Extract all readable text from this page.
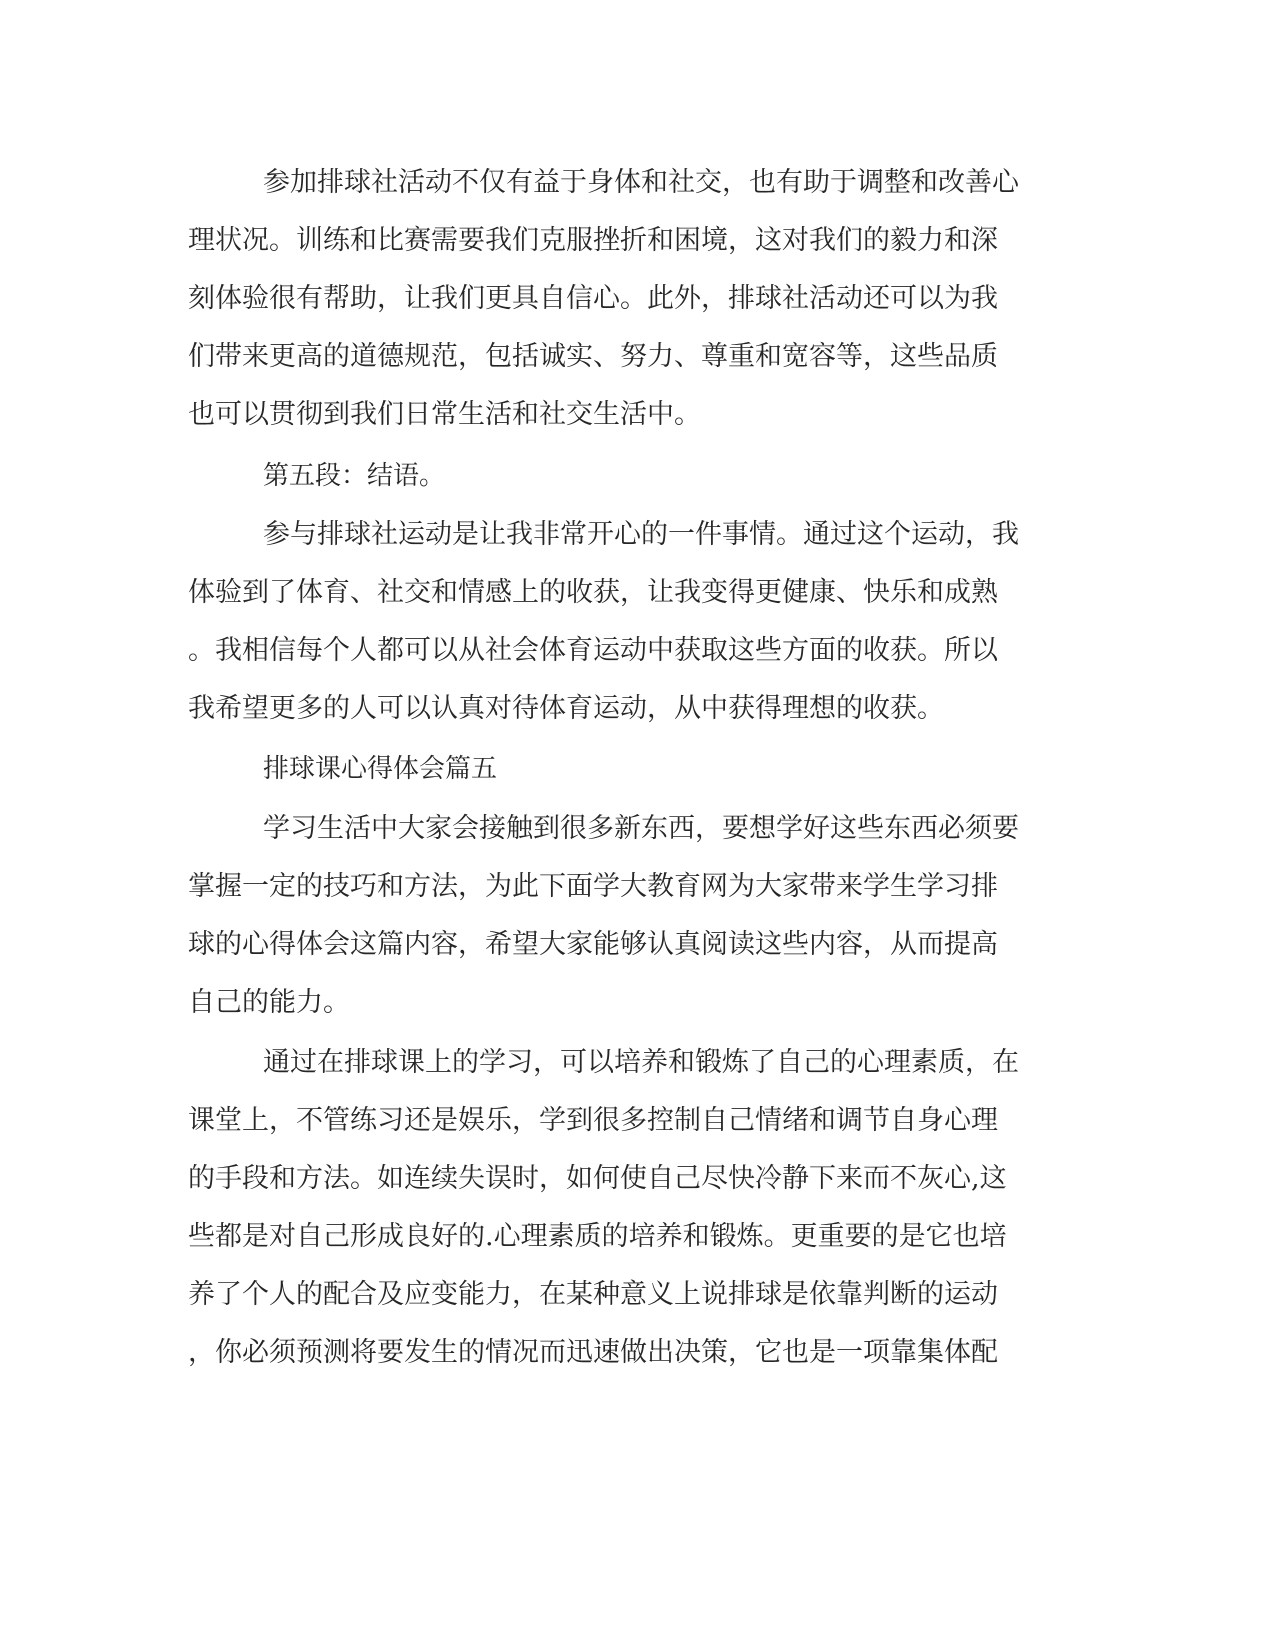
参加排球社活动不仅有益于身体和社交，也有助于调整和改善心
理状况。训练和比赛需要我们克服挫折和困境，这对我们的毅力和深
刻体验很有帮助，让我们更具自信心。此外，排球社活动还可以为我
们带来更高的道德规范，包括诚实、努力、尊重和宽容等，这些品质
也可以贯彻到我们日常生活和社交生活中。
第五段：结语。
参与排球社运动是让我非常开心的一件事情。通过这个运动，我
体验到了体育、社交和情感上的收获，让我变得更健康、快乐和成熟
。我相信每个人都可以从社会体育运动中获取这些方面的收获。所以
我希望更多的人可以认真对待体育运动，从中获得理想的收获。
排球课心得体会篇五
学习生活中大家会接触到很多新东西，要想学好这些东西必须要
掌握一定的技巧和方法，为此下面学大教育网为大家带来学生学习排
球的心得体会这篇内容，希望大家能够认真阅读这些内容，从而提高
自己的能力。
通过在排球课上的学习，可以培养和锻炼了自己的心理素质，在
课堂上，不管练习还是娱乐，学到很多控制自己情绪和调节自身心理
的手段和方法。如连续失误时，如何使自己尽快冷静下来而不灰心,这
些都是对自己形成良好的.心理素质的培养和锻炼。更重要的是它也培
养了个人的配合及应变能力，在某种意义上说排球是依靠判断的运动
，你必须预测将要发生的情况而迅速做出决策，它也是一项靠集体配
